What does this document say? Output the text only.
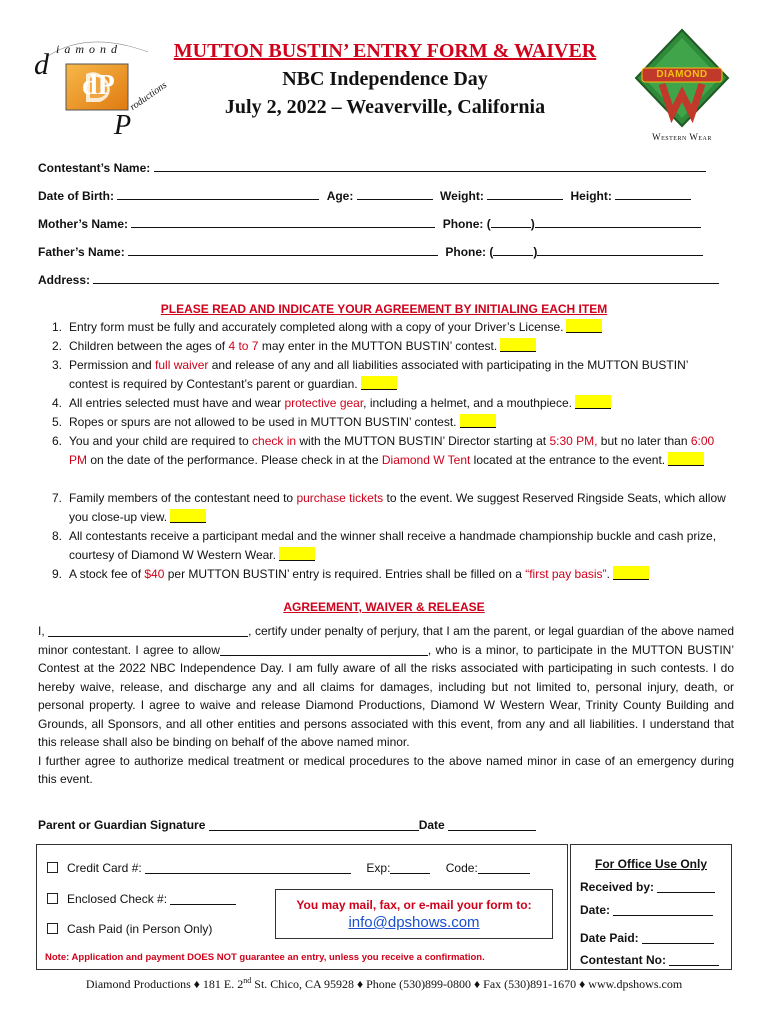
d iamond
dP
P
roductions
MUTTON BUSTIN’ ENTRY FORM & WAIVER
NBC Independence Day
July 2, 2022 – Weaverville, California
DIAMOND
Western Wear
Contestant’s Name:
Date of Birth:	Age:	Weight:	Height:
Mother’s Name:	Phone: (	)
Father’s Name:	Phone: (	)
Address:
PLEASE READ AND INDICATE YOUR AGREEMENT BY INITIALING EACH ITEM
1. Entry form must be fully and accurately completed along with a copy of your Driver’s License.
2. Children between the ages of 4 to 7 may enter in the MUTTON BUSTIN’ contest.
3. Permission and full waiver and release of any and all liabilities associated with participating in the MUTTON BUSTIN’ contest is required by Contestant’s parent or guardian.
4. All entries selected must have and wear protective gear, including a helmet, and a mouthpiece.
5. Ropes or spurs are not allowed to be used in MUTTON BUSTIN’ contest.
6. You and your child are required to check in with the MUTTON BUSTIN’ Director starting at 5:30 PM, but no later than 6:00 PM on the date of the performance. Please check in at the Diamond W Tent located at the entrance to the event.
7. Family members of the contestant need to purchase tickets to the event. We suggest Reserved Ringside Seats, which allow you close-up view.
8. All contestants receive a participant medal and the winner shall receive a handmade championship buckle and cash prize, courtesy of Diamond W Western Wear.
9. A stock fee of $40 per MUTTON BUSTIN’ entry is required. Entries shall be filled on a “first pay basis”.
AGREEMENT, WAIVER & RELEASE
I,	, certify under penalty of perjury, that I am the parent, or legal guardian of the above named minor contestant. I agree to allow	, who is a minor, to participate in the MUTTON BUSTIN’ Contest at the 2022 NBC Independence Day. I am fully aware of all the risks associated with participating in such contests. I do hereby waive, release, and discharge any and all claims for damages, including but not limited to, personal injury, death, or personal property. I agree to waive and release Diamond Productions, Diamond W Western Wear, Trinity County Building and Grounds, all Sponsors, and all other entities and persons associated with this event, from any and all liabilities. I understand that this release shall also be binding on behalf of the above named minor.
I further agree to authorize medical treatment or medical procedures to the above named minor in case of an emergency during this event.
Parent or Guardian Signature	Date
Credit Card #:	Exp:	Code:
Enclosed Check #:
Cash Paid (in Person Only)
You may mail, fax, or e-mail your form to:
info@dpshows.com
Note: Application and payment DOES NOT guarantee an entry, unless you receive a confirmation.
For Office Use Only
Received by:
Date:
Date Paid:
Contestant No:
Diamond Productions ♦ 181 E. 2nd St. Chico, CA 95928 ♦ Phone (530)899-0800 ♦ Fax (530)891-1670 ♦ www.dpshows.com
